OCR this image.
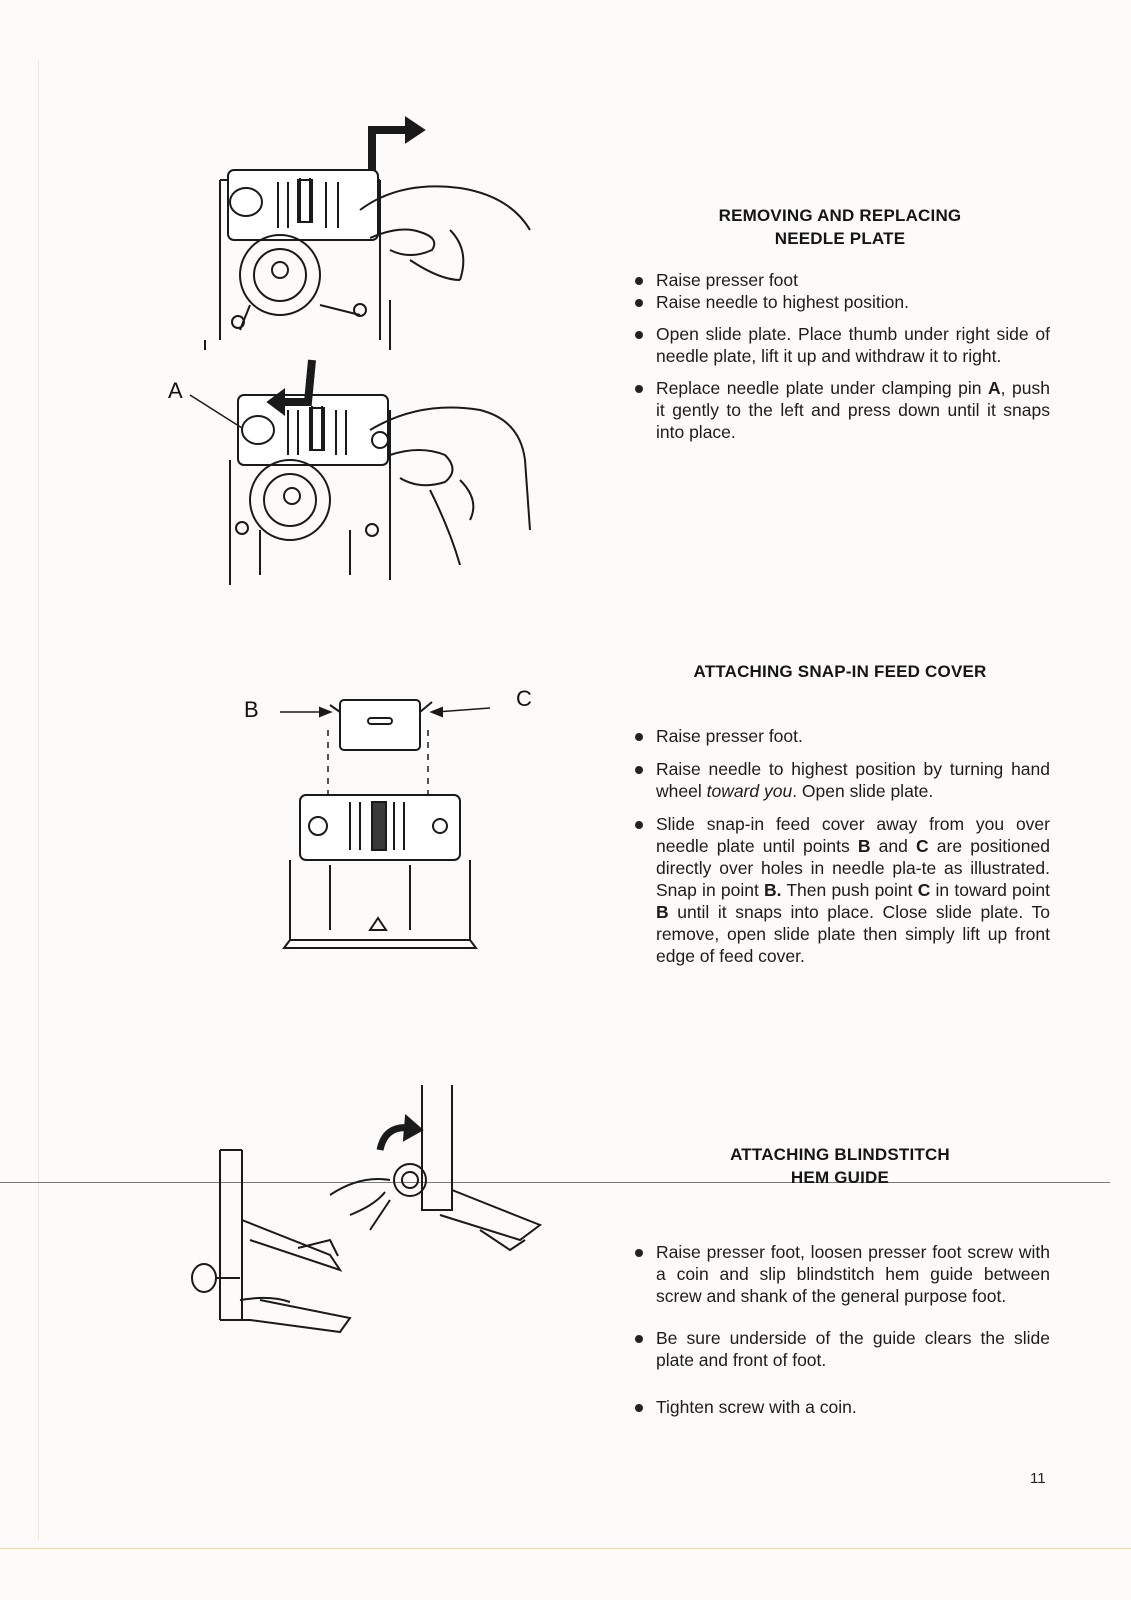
A
B	C
REMOVING AND REPLACING
NEEDLE PLATE
Raise presser foot
Raise needle to highest position.
Open slide plate. Place thumb under right side of needle plate, lift it up and withdraw it to right.
Replace needle plate under clamping pin A, push it gently to the left and press down until it snaps into place.
ATTACHING SNAP-IN FEED COVER
Raise presser foot.
Raise needle to highest position by turning hand wheel toward you. Open slide plate.
Slide snap-in feed cover away from you over needle plate until points B and C are positioned directly over holes in needle pla-te as illustrated. Snap in point B. Then push point C in toward point B until it snaps into place. Close slide plate. To remove, open slide plate then simply lift up front edge of feed cover.
ATTACHING BLINDSTITCH
HEM GUIDE
Raise presser foot, loosen presser foot screw with a coin and slip blindstitch hem guide between screw and shank of the general purpose foot.
Be sure underside of the guide clears the slide plate and front of foot.
Tighten screw with a coin.
11
